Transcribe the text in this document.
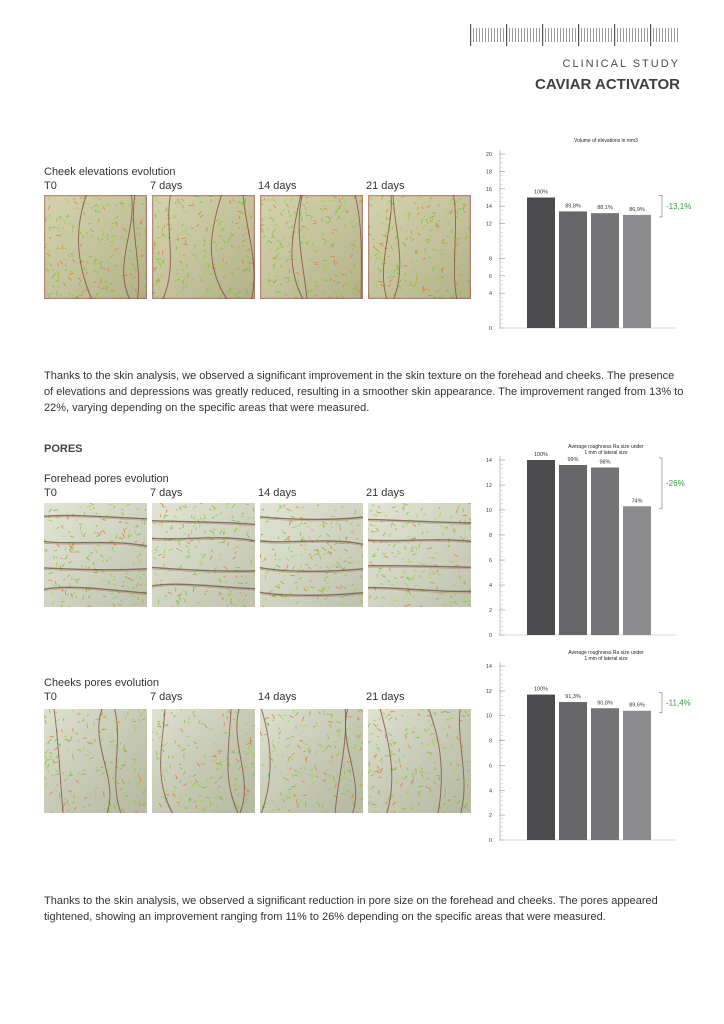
CLINICAL STUDY
CAVIAR ACTIVATOR
Cheek elevations evolution
T0	7 days	14 days	21 days
Volume of elevations in mm3
0
4
6
8
12
14
16
18
20
100%
89,8%	88,1%	86,9%	-13,1%

Thanks to the skin analysis, we observed a significant improvement in the skin texture on the forehead and cheeks. The presence of elevations and depressions was greatly reduced, resulting in a smoother skin appearance. The improvement ranged from 13% to 22%, varying depending on the specific areas that were measured.

PORES
Forehead pores evolution
T0	7 days	14 days	21 days
Average roughness Ra size under 1 mm of lateral size
0
2
4
6
8
10
12
14
100%
99%	98%
74%
-26%
Cheeks pores evolution
T0	7 days	14 days	21 days
Average roughness Ra size under 1 mm of lateral size
0
2
4
6
8
10
12
14
100%
91,3%
90,8%	89,6%	-11,4%

Thanks to the skin analysis, we observed a significant reduction in pore size on the forehead and cheeks. The pores appeared tightened, showing an improvement ranging from 11% to 26% depending on the specific areas that were measured.
